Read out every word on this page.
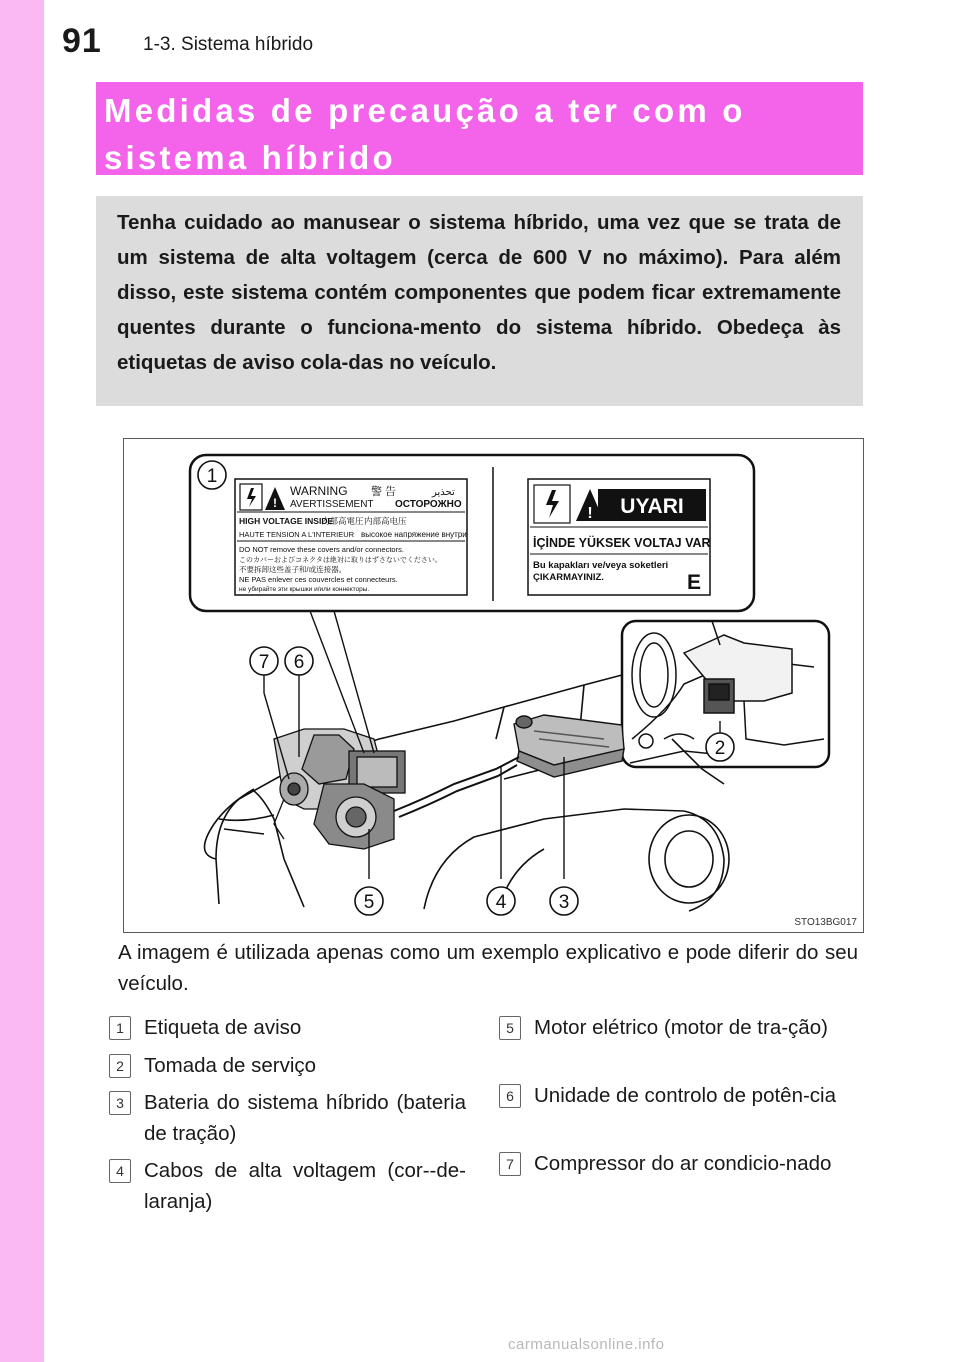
91 1-3. Sistema híbrido
Medidas de precaução a ter com o sistema híbrido
Tenha cuidado ao manusear o sistema híbrido, uma vez que se trata de um sistema de alta voltagem (cerca de 600 V no máximo). Para além disso, este sistema contém componentes que podem ficar extremamente quentes durante o funciona-mento do sistema híbrido. Obedeça às etiquetas de aviso cola-das no veículo.
!
WARNING 警 告	تحذير
AVERTISSEMENT ОСТОРОЖНО
HIGH VOLTAGE INSIDE
内部高電圧 内部高电压
HAUTE TENSION A L'INTERIEUR высокое напряжение внутри
DO NOT remove these covers and/or connectors.
このカバーおよびコネクタは絶対に取りはずさないでください。
不要拆卸这些盖子和/或连接器。
NE PAS enlever ces couvercles et connecteurs.
не убирайте эти крышки и/или коннекторы.
! UYARI
İÇİNDE YÜKSEK VOLTAJ VAR
Bu kapakları ve/veya soketleri
ÇIKARMAYINIZ.	E
1
2
3
4
5
6
7
STO13BG017
A imagem é utilizada apenas como um exemplo explicativo e pode diferir do seu veículo.
1 Etiqueta de aviso
2 Tomada de serviço
3 Bateria do sistema híbrido (bateria de tração)
4 Cabos de alta voltagem (cor--de-laranja)
5 Motor elétrico (motor de tra-ção)
6 Unidade de controlo de potên-cia
7 Compressor do ar condicio-nado
carmanualsonline.info
